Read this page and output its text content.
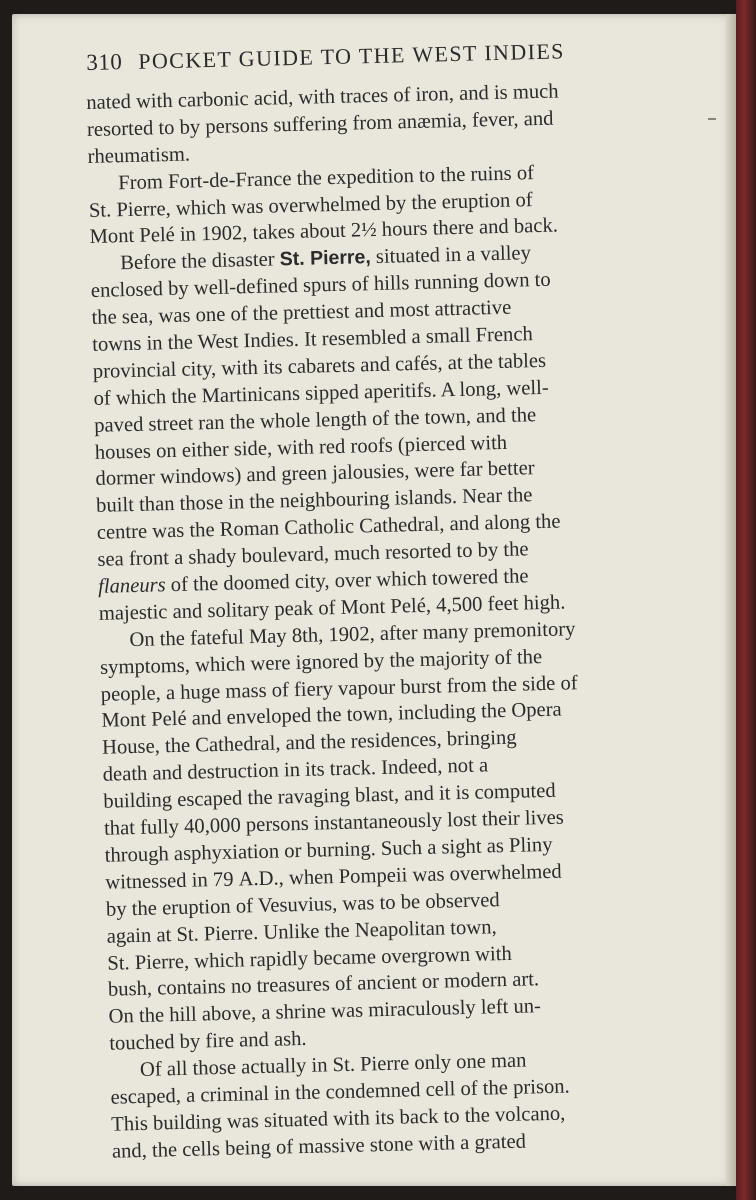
310 POCKET GUIDE TO THE WEST INDIES
nated with carbonic acid, with traces of iron, and is much
resorted to by persons suffering from anæmia, fever, and
rheumatism.
From Fort-de-France the expedition to the ruins of
St. Pierre, which was overwhelmed by the eruption of
Mont Pelé in 1902, takes about 2½ hours there and back.
Before the disaster St. Pierre, situated in a valley
enclosed by well-defined spurs of hills running down to
the sea, was one of the prettiest and most attractive
towns in the West Indies. It resembled a small French
provincial city, with its cabarets and cafés, at the tables
of which the Martinicans sipped aperitifs. A long, well-
paved street ran the whole length of the town, and the
houses on either side, with red roofs (pierced with
dormer windows) and green jalousies, were far better
built than those in the neighbouring islands. Near the
centre was the Roman Catholic Cathedral, and along the
sea front a shady boulevard, much resorted to by the
flaneurs of the doomed city, over which towered the
majestic and solitary peak of Mont Pelé, 4,500 feet high.
On the fateful May 8th, 1902, after many premonitory
symptoms, which were ignored by the majority of the
people, a huge mass of fiery vapour burst from the side of
Mont Pelé and enveloped the town, including the Opera
House, the Cathedral, and the residences, bringing
death and destruction in its track. Indeed, not a
building escaped the ravaging blast, and it is computed
that fully 40,000 persons instantaneously lost their lives
through asphyxiation or burning. Such a sight as Pliny
witnessed in 79 A.D., when Pompeii was overwhelmed
by the eruption of Vesuvius, was to be observed
again at St. Pierre. Unlike the Neapolitan town,
St. Pierre, which rapidly became overgrown with
bush, contains no treasures of ancient or modern art.
On the hill above, a shrine was miraculously left un-
touched by fire and ash.
Of all those actually in St. Pierre only one man
escaped, a criminal in the condemned cell of the prison.
This building was situated with its back to the volcano,
and, the cells being of massive stone with a grated
